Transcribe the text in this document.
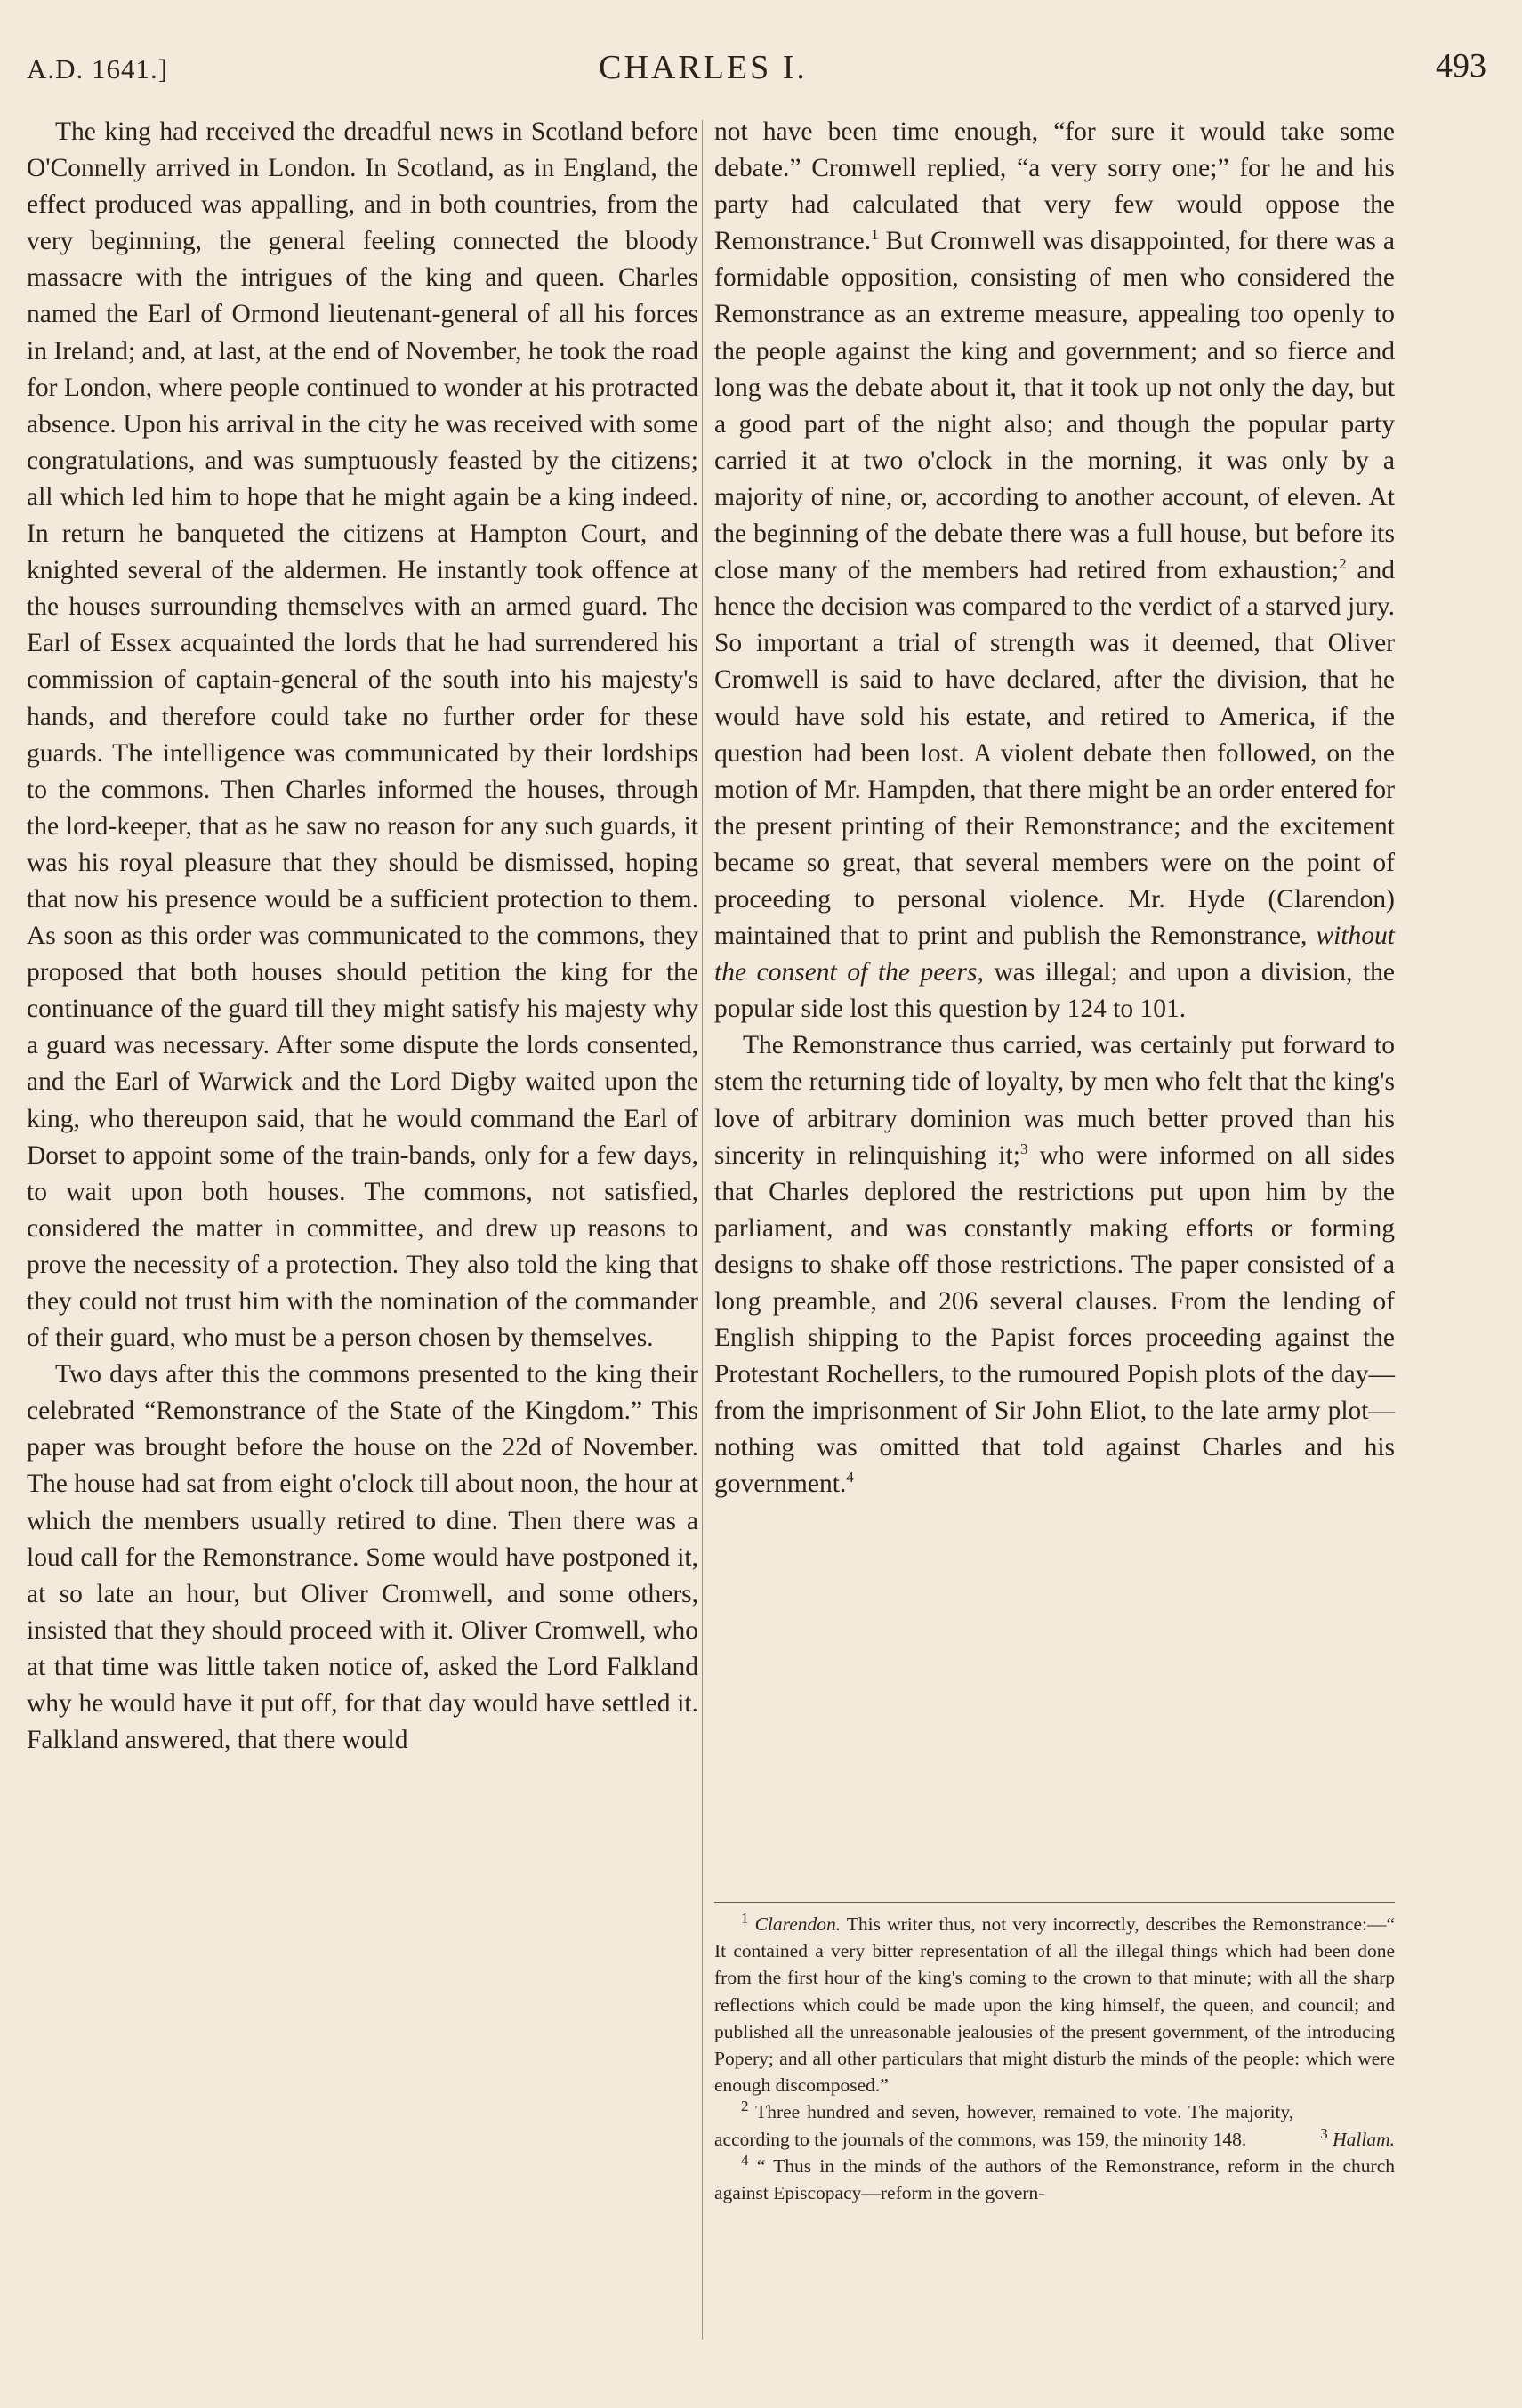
A.D. 1641.]	CHARLES I.	493

The king had received the dreadful news in Scotland before O'Connelly arrived in London. In Scotland, as in England, the effect produced was appalling, and in both countries, from the very beginning, the general feeling connected the bloody massacre with the intrigues of the king and queen. Charles named the Earl of Ormond lieutenant-general of all his forces in Ireland; and, at last, at the end of November, he took the road for London, where people continued to wonder at his protracted absence. Upon his arrival in the city he was received with some congratulations, and was sumptuously feasted by the citizens; all which led him to hope that he might again be a king indeed. In return he banqueted the citizens at Hampton Court, and knighted several of the aldermen. He instantly took offence at the houses surrounding themselves with an armed guard. The Earl of Essex acquainted the lords that he had surrendered his commission of captain-general of the south into his majesty's hands, and therefore could take no further order for these guards. The intelligence was communicated by their lordships to the commons. Then Charles informed the houses, through the lord-keeper, that as he saw no reason for any such guards, it was his royal pleasure that they should be dismissed, hoping that now his presence would be a sufficient protection to them. As soon as this order was communicated to the commons, they proposed that both houses should petition the king for the continuance of the guard till they might satisfy his majesty why a guard was necessary. After some dispute the lords consented, and the Earl of Warwick and the Lord Digby waited upon the king, who thereupon said, that he would command the Earl of Dorset to appoint some of the train-bands, only for a few days, to wait upon both houses. The commons, not satisfied, considered the matter in committee, and drew up reasons to prove the necessity of a protection. They also told the king that they could not trust him with the nomination of the commander of their guard, who must be a person chosen by themselves.

Two days after this the commons presented to the king their celebrated “Remonstrance of the State of the Kingdom.” This paper was brought before the house on the 22d of November. The house had sat from eight o'clock till about noon, the hour at which the members usually retired to dine. Then there was a loud call for the Remonstrance. Some would have postponed it, at so late an hour, but Oliver Cromwell, and some others, insisted that they should proceed with it. Oliver Cromwell, who at that time was little taken notice of, asked the Lord Falkland why he would have it put off, for that day would have settled it. Falkland answered, that there would

not have been time enough, “for sure it would take some debate.” Cromwell replied, “a very sorry one;” for he and his party had calculated that very few would oppose the Remonstrance.$^1$ But Cromwell was disappointed, for there was a formidable opposition, consisting of men who considered the Remonstrance as an extreme measure, appealing too openly to the people against the king and government; and so fierce and long was the debate about it, that it took up not only the day, but a good part of the night also; and though the popular party carried it at two o'clock in the morning, it was only by a majority of nine, or, according to another account, of eleven. At the beginning of the debate there was a full house, but before its close many of the members had retired from exhaustion;$^2$ and hence the decision was compared to the verdict of a starved jury. So important a trial of strength was it deemed, that Oliver Cromwell is said to have declared, after the division, that he would have sold his estate, and retired to America, if the question had been lost. A violent debate then followed, on the motion of Mr. Hampden, that there might be an order entered for the present printing of their Remonstrance; and the excitement became so great, that several members were on the point of proceeding to personal violence. Mr. Hyde (Clarendon) maintained that to print and publish the Remonstrance, without the consent of the peers, was illegal; and upon a division, the popular side lost this question by 124 to 101.

The Remonstrance thus carried, was certainly put forward to stem the returning tide of loyalty, by men who felt that the king's love of arbitrary dominion was much better proved than his sincerity in relinquishing it;$^3$ who were informed on all sides that Charles deplored the restrictions put upon him by the parliament, and was constantly making efforts or forming designs to shake off those restrictions. The paper consisted of a long preamble, and 206 several clauses. From the lending of English shipping to the Papist forces proceeding against the Protestant Rochellers, to the rumoured Popish plots of the day—from the imprisonment of Sir John Eliot, to the late army plot—nothing was omitted that told against Charles and his government.$^4$

$^1$ Clarendon. This writer thus, not very incorrectly, describes the Remonstrance:—“ It contained a very bitter representation of all the illegal things which had been done from the first hour of the king's coming to the crown to that minute; with all the sharp reflections which could be made upon the king himself, the queen, and council; and published all the unreasonable jealousies of the present government, of the introducing Popery; and all other particulars that might disturb the minds of the people: which were enough discomposed.”

$^2$ Three hundred and seven, however, remained to vote. The majority, according to the journals of the commons, was 159, the minority 148.	$^3$ Hallam.

$^4$ “ Thus in the minds of the authors of the Remonstrance, reform in the church against Episcopacy—reform in the govern-
